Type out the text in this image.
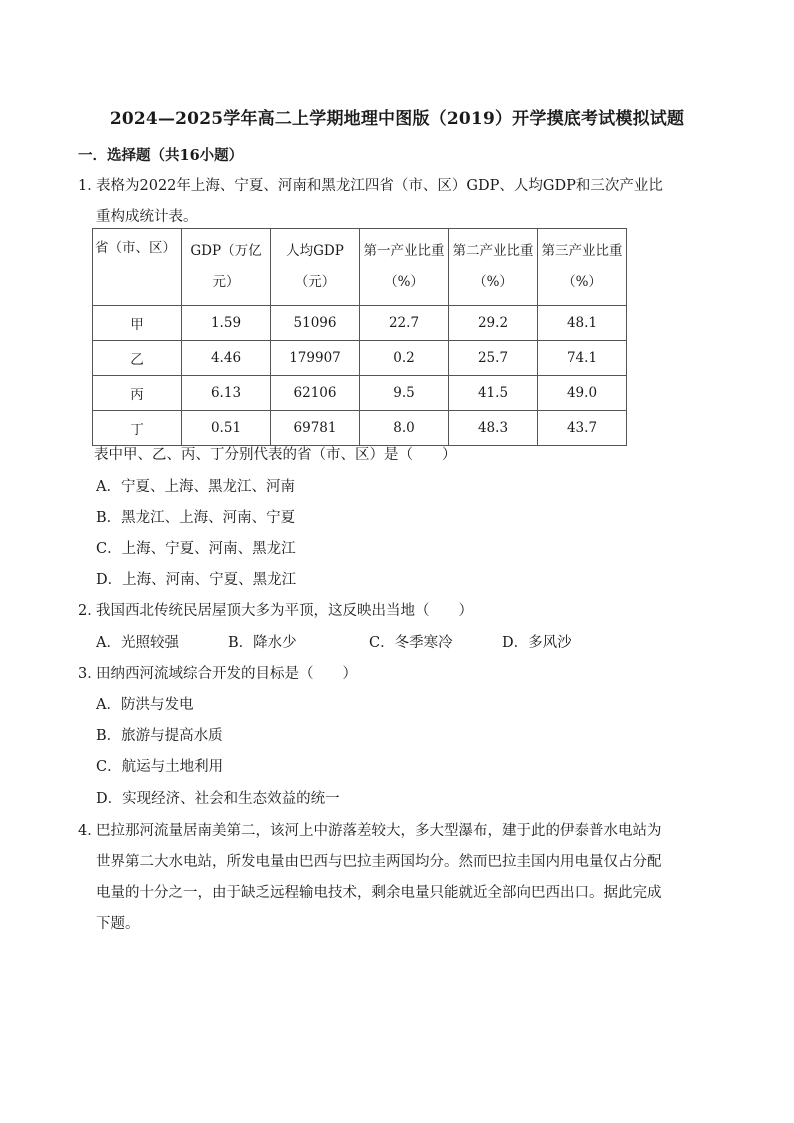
2024—2025学年高二上学期地理中图版（2019）开学摸底考试模拟试题
一．选择题（共16小题）
1．表格为2022年上海、宁夏、河南和黑龙江四省（市、区）GDP、人均GDP和三次产业比
重构成统计表。
省（市、区）	GDP（万亿元）	人均GDP（元）	第一产业比重（%）	第二产业比重（%）	第三产业比重（%）
甲	1.59	51096	22.7	29.2	48.1
乙	4.46	179907	0.2	25.7	74.1
丙	6.13	62106	9.5	41.5	49.0
丁	0.51	69781	8.0	48.3	43.7
表中甲、乙、丙、丁分别代表的省（市、区）是（　　）
A．宁夏、上海、黑龙江、河南
B．黑龙江、上海、河南、宁夏
C．上海、宁夏、河南、黑龙江
D．上海、河南、宁夏、黑龙江
2．我国西北传统民居屋顶大多为平顶，这反映出当地（　　）
A．光照较强	B．降水少	C．冬季寒冷	D．多风沙
3．田纳西河流域综合开发的目标是（　　）
A．防洪与发电
B．旅游与提高水质
C．航运与土地利用
D．实现经济、社会和生态效益的统一
4．巴拉那河流量居南美第二，该河上中游落差较大，多大型瀑布，建于此的伊泰普水电站为
世界第二大水电站，所发电量由巴西与巴拉圭两国均分。然而巴拉圭国内用电量仅占分配
电量的十分之一，由于缺乏远程输电技术，剩余电量只能就近全部向巴西出口。据此完成
下题。
